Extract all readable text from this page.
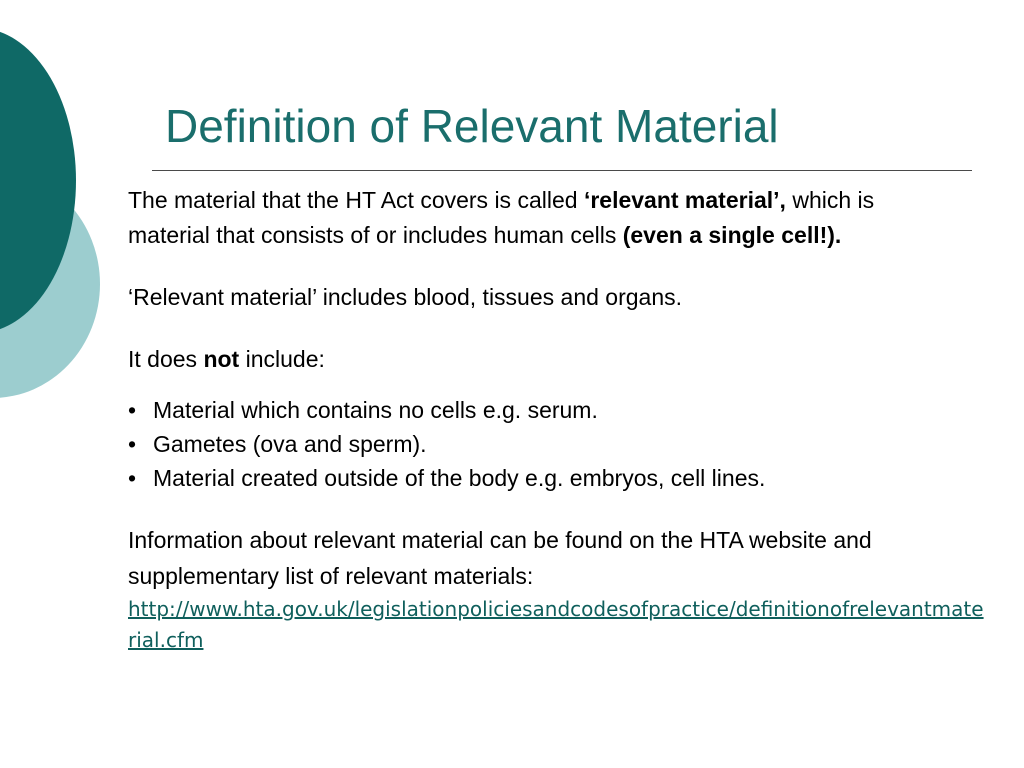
Definition of Relevant Material

The material that the HT Act covers is called ‘relevant material’, which is material that consists of or includes human cells (even a single cell!).

‘Relevant material’ includes blood, tissues and organs.

It does not include:

• Material which contains no cells e.g. serum.
• Gametes (ova and sperm).
• Material created outside of the body e.g. embryos, cell lines.

Information about relevant material can be found on the HTA website and supplementary list of relevant materials:

http://www.hta.gov.uk/legislationpoliciesandcodesofpractice/definitionofrelevantmaterial.cfm
